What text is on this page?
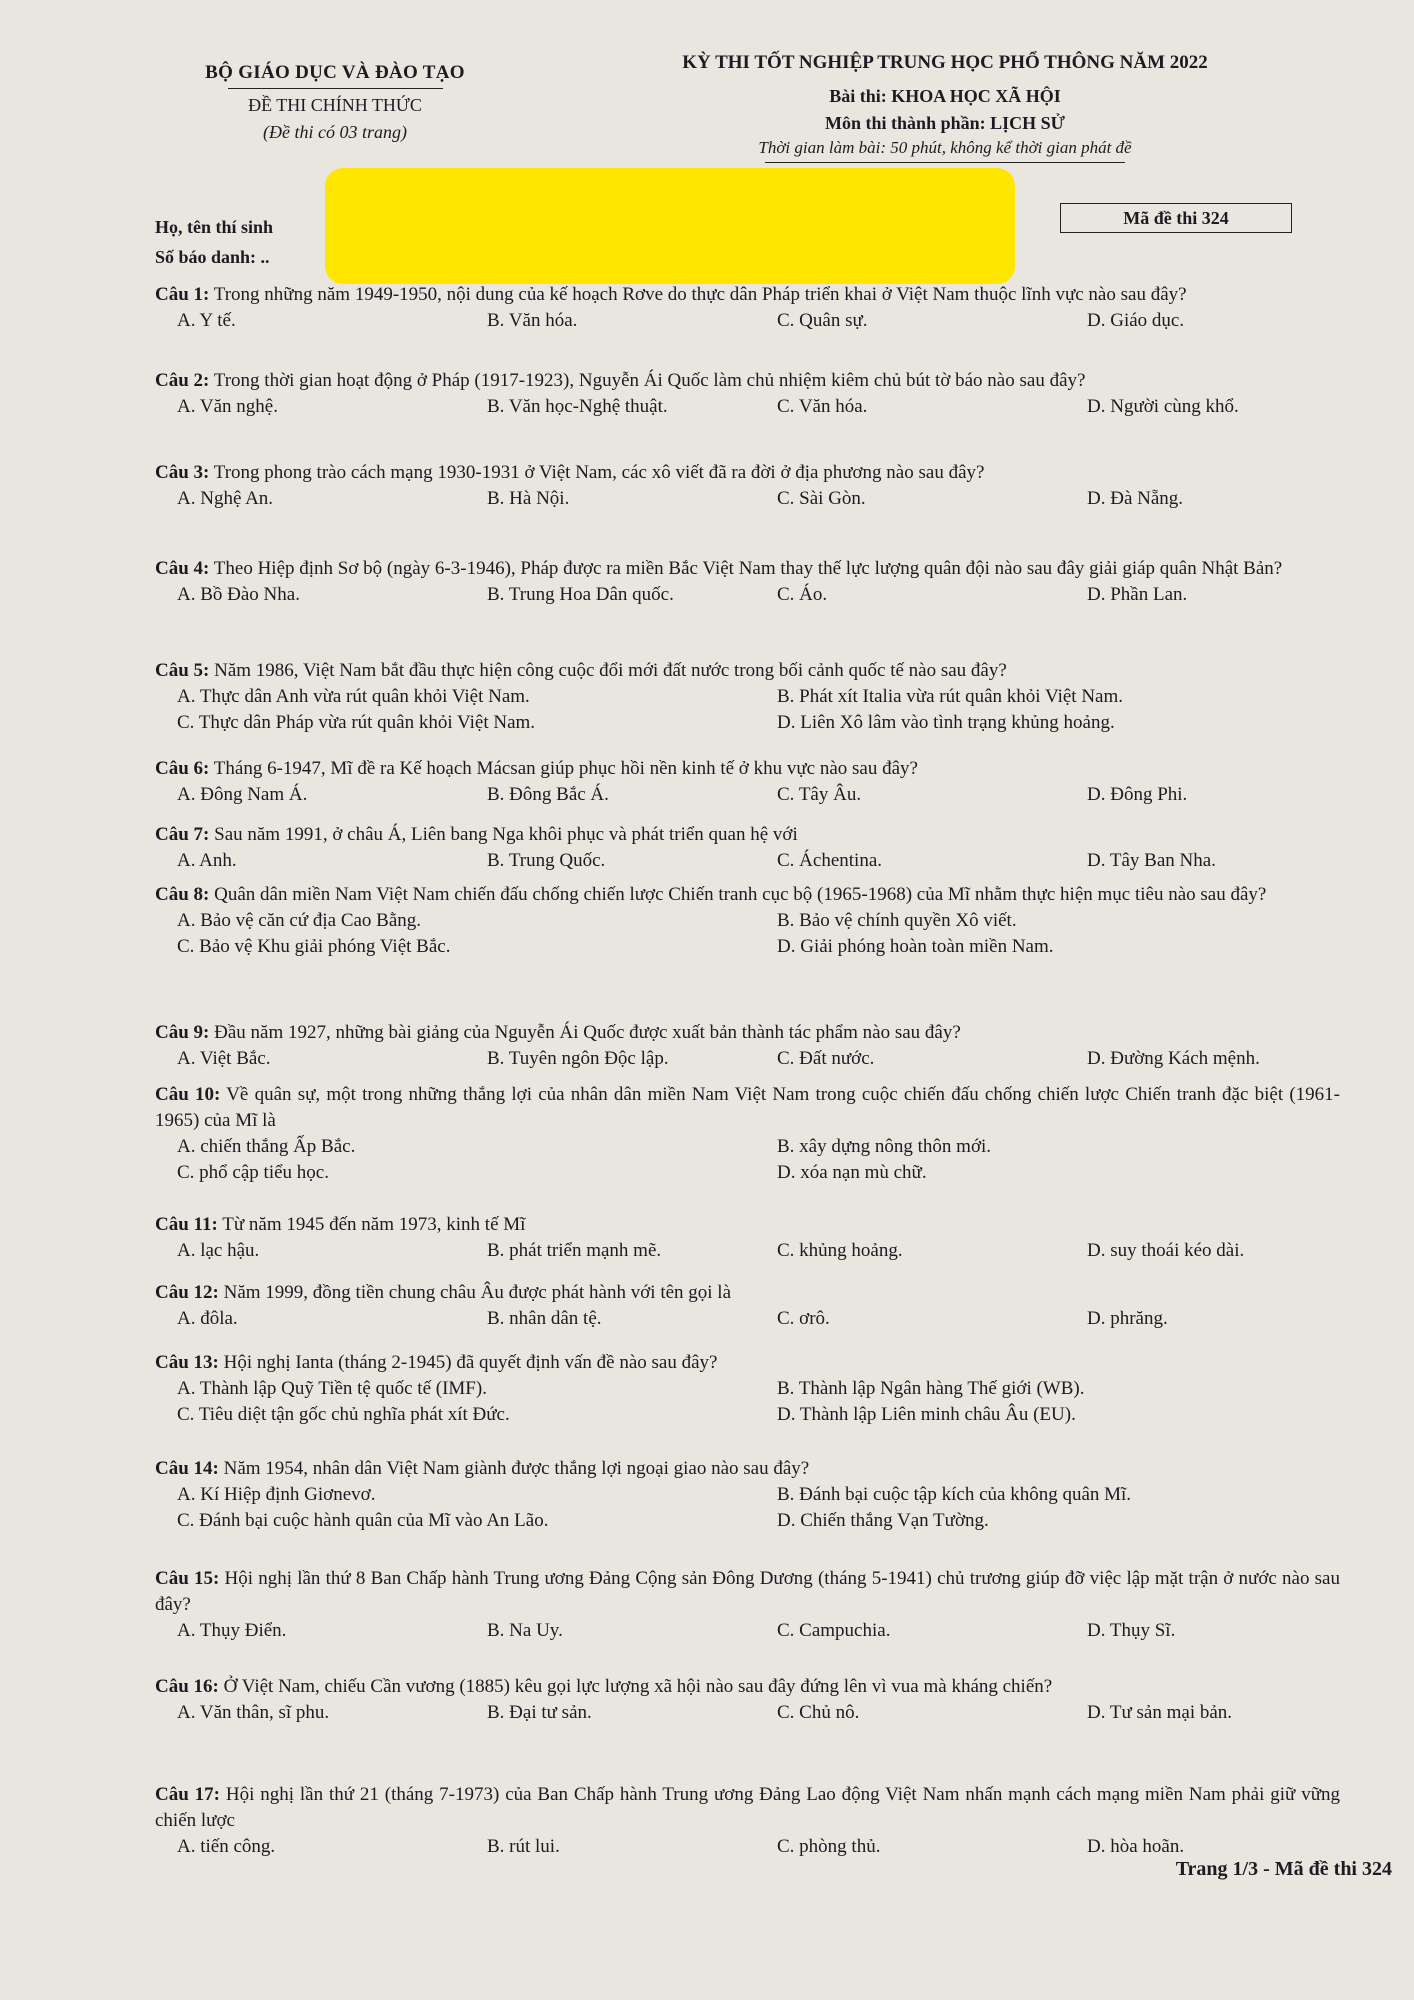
BỘ GIÁO DỤC VÀ ĐÀO TẠO
ĐỀ THI CHÍNH THỨC
(Đề thi có 03 trang)
KỲ THI TỐT NGHIỆP TRUNG HỌC PHỔ THÔNG NĂM 2022
Bài thi: KHOA HỌC XÃ HỘI
Môn thi thành phần: LỊCH SỬ
Thời gian làm bài: 50 phút, không kể thời gian phát đề
Họ, tên thí sinh
Số báo danh: ..
Mã đề thi 324
Câu 1: Trong những năm 1949-1950, nội dung của kế hoạch Rơve do thực dân Pháp triển khai ở Việt Nam thuộc lĩnh vực nào sau đây?
A. Y tế.	B. Văn hóa.	C. Quân sự.	D. Giáo dục.
Câu 2: Trong thời gian hoạt động ở Pháp (1917-1923), Nguyễn Ái Quốc làm chủ nhiệm kiêm chủ bút tờ báo nào sau đây?
A. Văn nghệ.	B. Văn học-Nghệ thuật.	C. Văn hóa.	D. Người cùng khổ.
Câu 3: Trong phong trào cách mạng 1930-1931 ở Việt Nam, các xô viết đã ra đời ở địa phương nào sau đây?
A. Nghệ An.	B. Hà Nội.	C. Sài Gòn.	D. Đà Nẵng.
Câu 4: Theo Hiệp định Sơ bộ (ngày 6-3-1946), Pháp được ra miền Bắc Việt Nam thay thế lực lượng quân đội nào sau đây giải giáp quân Nhật Bản?
A. Bồ Đào Nha.	B. Trung Hoa Dân quốc.	C. Áo.	D. Phần Lan.
Câu 5: Năm 1986, Việt Nam bắt đầu thực hiện công cuộc đổi mới đất nước trong bối cảnh quốc tế nào sau đây?
A. Thực dân Anh vừa rút quân khỏi Việt Nam.	B. Phát xít Italia vừa rút quân khỏi Việt Nam.
C. Thực dân Pháp vừa rút quân khỏi Việt Nam.	D. Liên Xô lâm vào tình trạng khủng hoảng.
Câu 6: Tháng 6-1947, Mĩ đề ra Kế hoạch Mácsan giúp phục hồi nền kinh tế ở khu vực nào sau đây?
A. Đông Nam Á.	B. Đông Bắc Á.	C. Tây Âu.	D. Đông Phi.
Câu 7: Sau năm 1991, ở châu Á, Liên bang Nga khôi phục và phát triển quan hệ với
A. Anh.	B. Trung Quốc.	C. Áchentina.	D. Tây Ban Nha.
Câu 8: Quân dân miền Nam Việt Nam chiến đấu chống chiến lược Chiến tranh cục bộ (1965-1968) của Mĩ nhằm thực hiện mục tiêu nào sau đây?
A. Bảo vệ căn cứ địa Cao Bằng.	B. Bảo vệ chính quyền Xô viết.
C. Bảo vệ Khu giải phóng Việt Bắc.	D. Giải phóng hoàn toàn miền Nam.
Câu 9: Đầu năm 1927, những bài giảng của Nguyễn Ái Quốc được xuất bản thành tác phẩm nào sau đây?
A. Việt Bắc.	B. Tuyên ngôn Độc lập.	C. Đất nước.	D. Đường Kách mệnh.
Câu 10: Về quân sự, một trong những thắng lợi của nhân dân miền Nam Việt Nam trong cuộc chiến đấu chống chiến lược Chiến tranh đặc biệt (1961-1965) của Mĩ là
A. chiến thắng Ấp Bắc.	B. xây dựng nông thôn mới.
C. phổ cập tiểu học.	D. xóa nạn mù chữ.
Câu 11: Từ năm 1945 đến năm 1973, kinh tế Mĩ
A. lạc hậu.	B. phát triển mạnh mẽ.	C. khủng hoảng.	D. suy thoái kéo dài.
Câu 12: Năm 1999, đồng tiền chung châu Âu được phát hành với tên gọi là
A. đôla.	B. nhân dân tệ.	C. ơrô.	D. phrăng.
Câu 13: Hội nghị Ianta (tháng 2-1945) đã quyết định vấn đề nào sau đây?
A. Thành lập Quỹ Tiền tệ quốc tế (IMF).	B. Thành lập Ngân hàng Thế giới (WB).
C. Tiêu diệt tận gốc chủ nghĩa phát xít Đức.	D. Thành lập Liên minh châu Âu (EU).
Câu 14: Năm 1954, nhân dân Việt Nam giành được thắng lợi ngoại giao nào sau đây?
A. Kí Hiệp định Giơnevơ.	B. Đánh bại cuộc tập kích của không quân Mĩ.
C. Đánh bại cuộc hành quân của Mĩ vào An Lão.	D. Chiến thắng Vạn Tường.
Câu 15: Hội nghị lần thứ 8 Ban Chấp hành Trung ương Đảng Cộng sản Đông Dương (tháng 5-1941) chủ trương giúp đỡ việc lập mặt trận ở nước nào sau đây?
A. Thụy Điển.	B. Na Uy.	C. Campuchia.	D. Thụy Sĩ.
Câu 16: Ở Việt Nam, chiếu Cần vương (1885) kêu gọi lực lượng xã hội nào sau đây đứng lên vì vua mà kháng chiến?
A. Văn thân, sĩ phu.	B. Đại tư sản.	C. Chủ nô.	D. Tư sản mại bản.
Câu 17: Hội nghị lần thứ 21 (tháng 7-1973) của Ban Chấp hành Trung ương Đảng Lao động Việt Nam nhấn mạnh cách mạng miền Nam phải giữ vững chiến lược
A. tiến công.	B. rút lui.	C. phòng thủ.	D. hòa hoãn.
Trang 1/3 - Mã đề thi 324
